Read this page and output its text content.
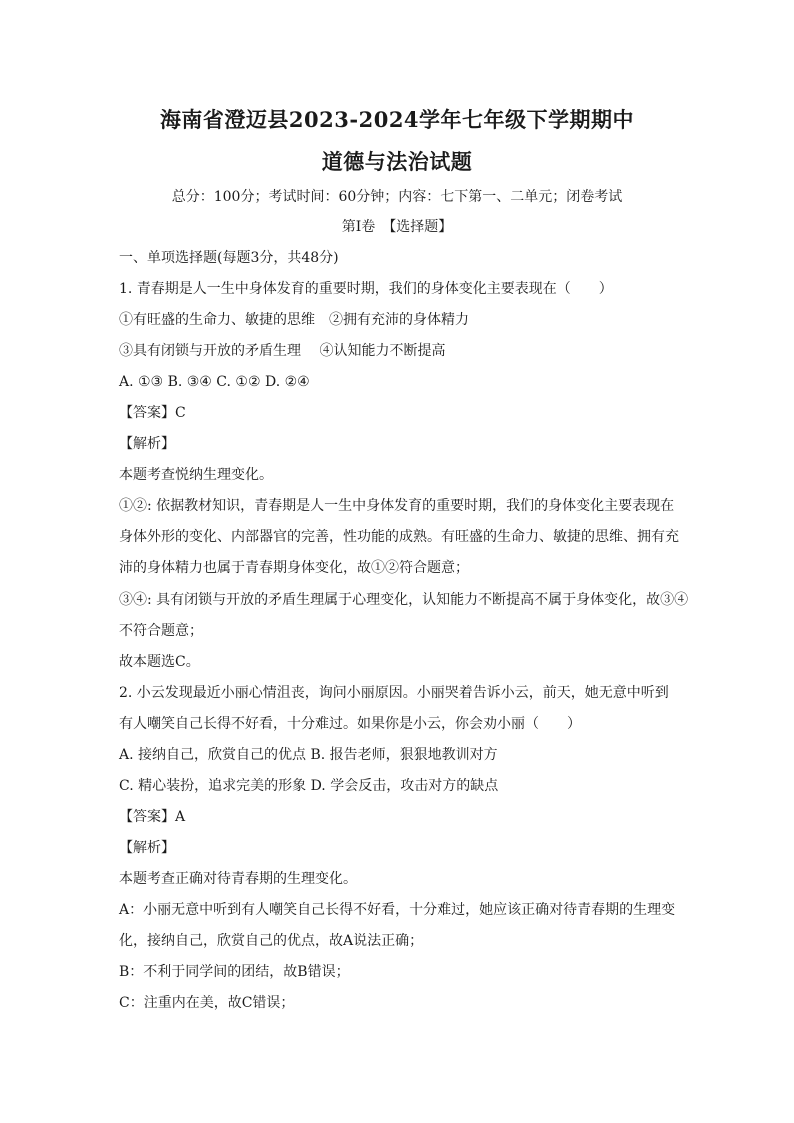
海南省澄迈县2023-2024学年七年级下学期期中
道德与法治试题
总分：100分；考试时间：60分钟；内容：七下第一、二单元；闭卷考试
第Ⅰ卷　【选择题】
一、单项选择题(每题3分，共48分)
1. 青春期是人一生中身体发育的重要时期，我们的身体变化主要表现在（　　）
①有旺盛的生命力、敏捷的思维　②拥有充沛的身体精力
③具有闭锁与开放的矛盾生理　 ④认知能力不断提高
A. ①③ B. ③④ C. ①② D. ②④
【答案】C
【解析】
本题考查悦纳生理变化。
①②: 依据教材知识，青春期是人一生中身体发育的重要时期，我们的身体变化主要表现在
身体外形的变化、内部器官的完善，性功能的成熟。有旺盛的生命力、敏捷的思维、拥有充
沛的身体精力也属于青春期身体变化，故①②符合题意；
③④: 具有闭锁与开放的矛盾生理属于心理变化，认知能力不断提高不属于身体变化，故③④
不符合题意；
故本题选C。
2. 小云发现最近小丽心情沮丧，询问小丽原因。小丽哭着告诉小云，前天，她无意中听到
有人嘲笑自己长得不好看，十分难过。如果你是小云，你会劝小丽（　　）
A. 接纳自己，欣赏自己的优点 B. 报告老师，狠狠地教训对方
C. 精心装扮，追求完美的形象 D. 学会反击，攻击对方的缺点
【答案】A
【解析】
本题考查正确对待青春期的生理变化。
A：小丽无意中听到有人嘲笑自己长得不好看，十分难过，她应该正确对待青春期的生理变
化，接纳自己，欣赏自己的优点，故A说法正确；
B：不利于同学间的团结，故B错误；
C：注重内在美，故C错误；
